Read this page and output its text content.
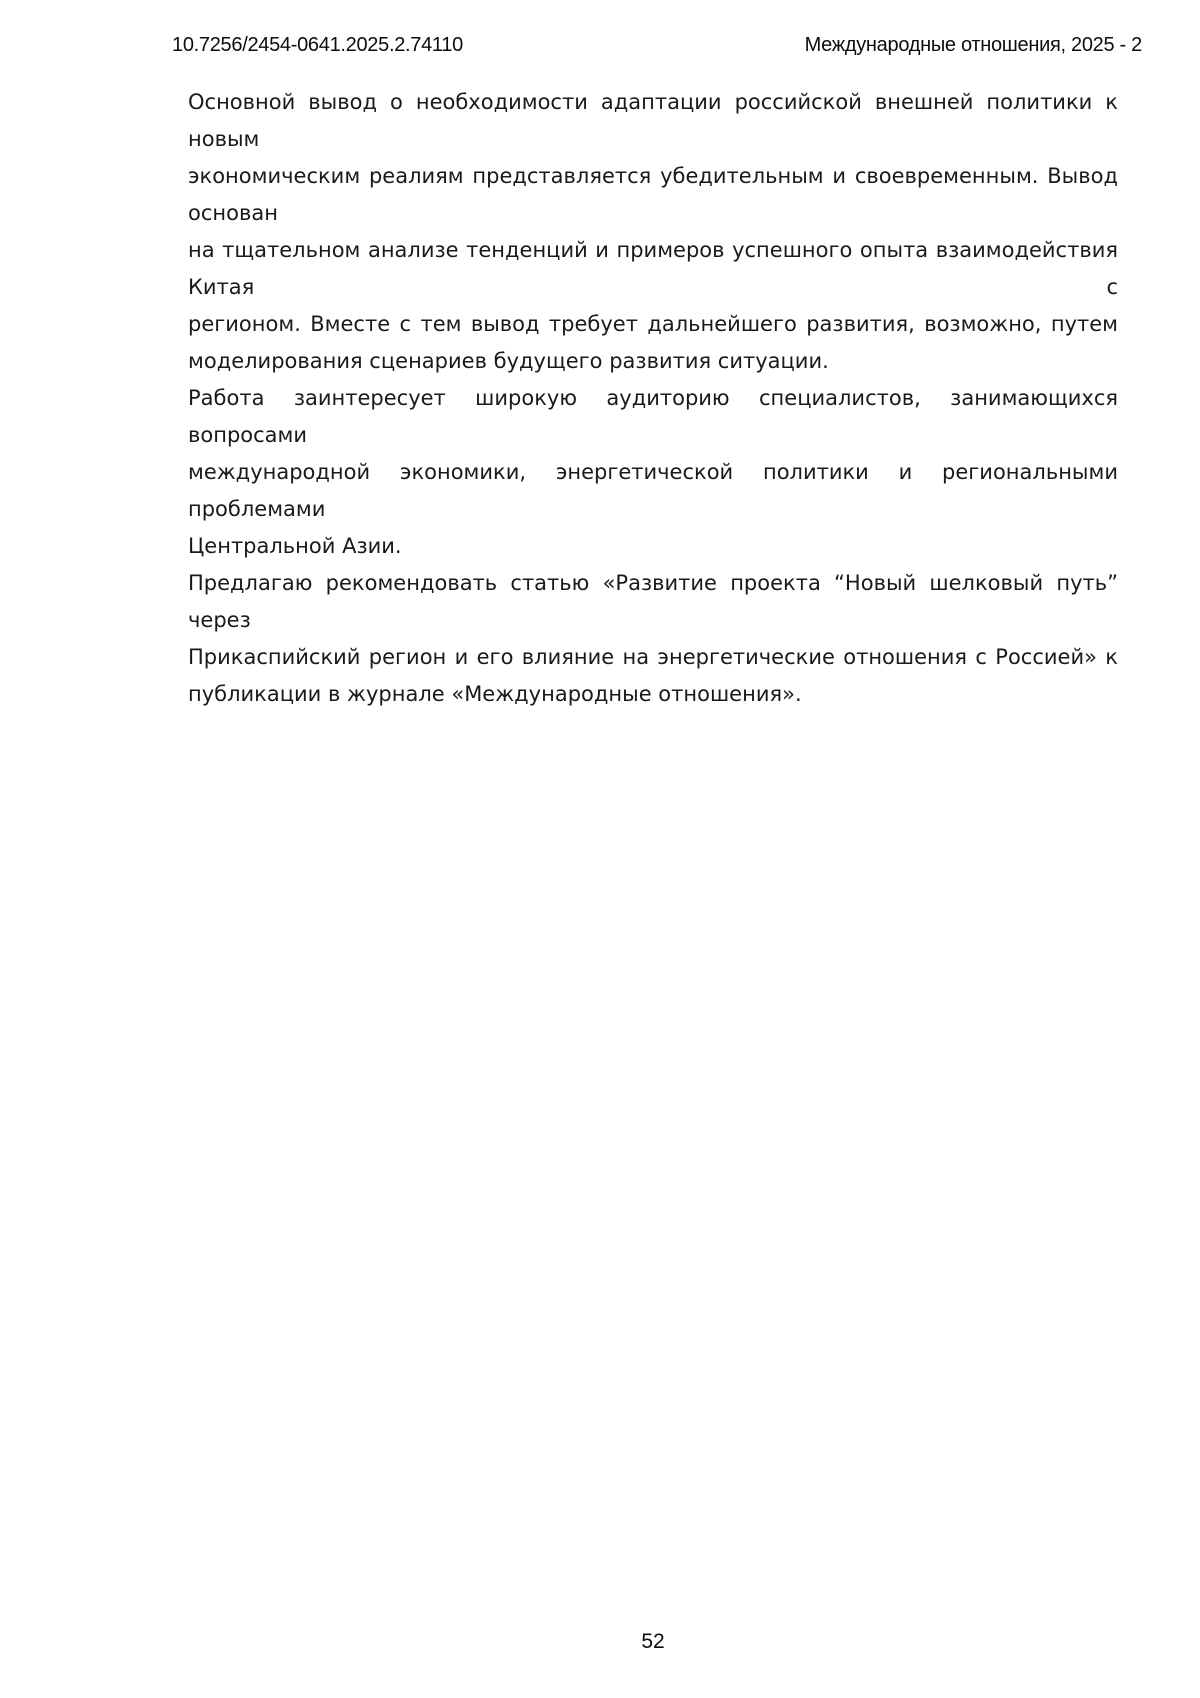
10.7256/2454-0641.2025.2.74110	Международные отношения, 2025 - 2
Основной вывод о необходимости адаптации российской внешней политики к новым
экономическим реалиям представляется убедительным и своевременным. Вывод основан
на тщательном анализе тенденций и примеров успешного опыта взаимодействия Китая с
регионом. Вместе с тем вывод требует дальнейшего развития, возможно, путем
моделирования сценариев будущего развития ситуации.
Работа заинтересует широкую аудиторию специалистов, занимающихся вопросами
международной экономики, энергетической политики и региональными проблемами
Центральной Азии.
Предлагаю рекомендовать статью «Развитие проекта “Новый шелковый путь” через
Прикаспийский регион и его влияние на энергетические отношения с Россией» к
публикации в журнале «Международные отношения».
52
